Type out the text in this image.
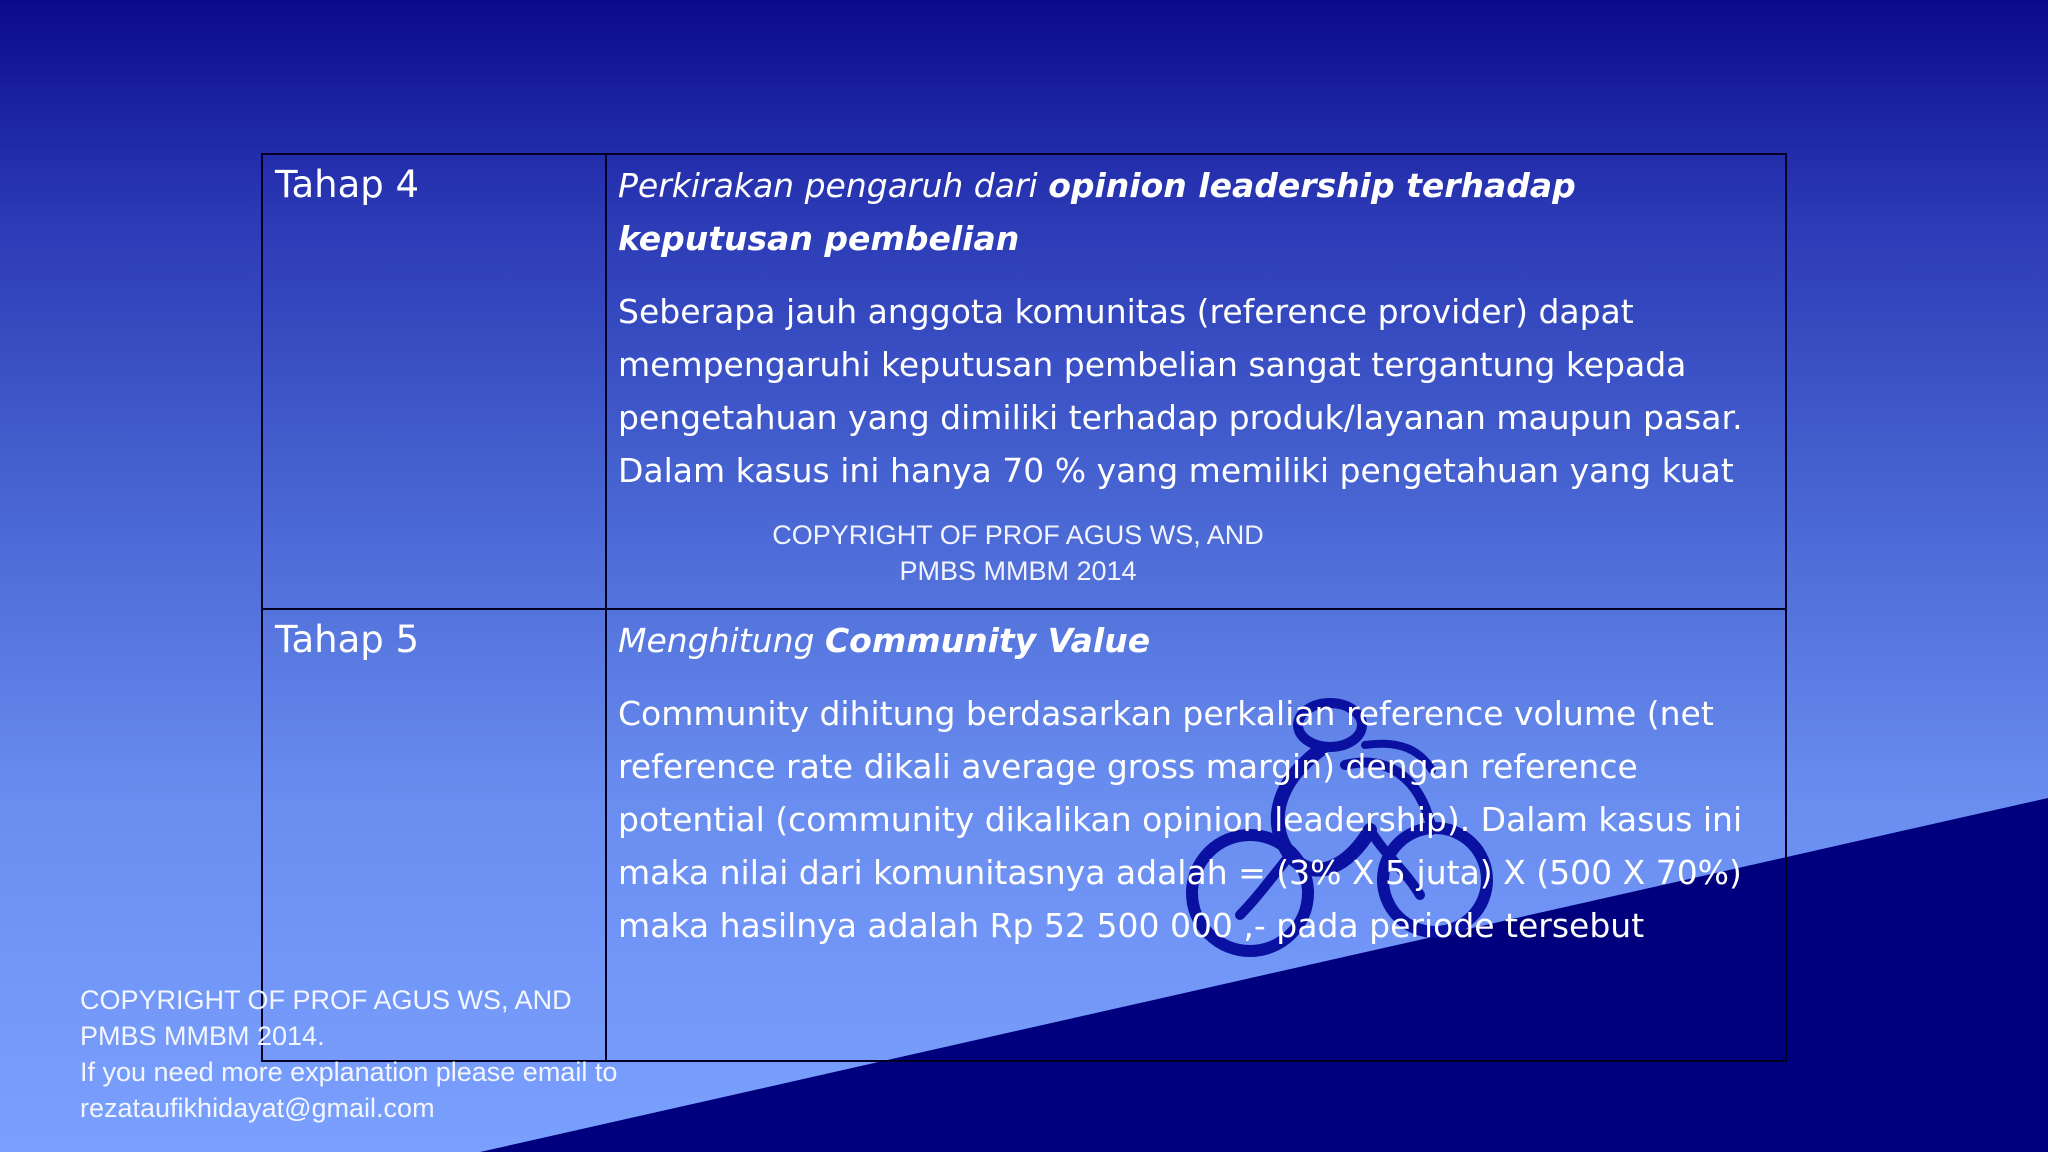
Tahap 4	Perkirakan pengaruh dari opinion leadership terhadap keputusan pembelian

Seberapa jauh anggota komunitas (reference provider) dapat mempengaruhi keputusan pembelian sangat tergantung kepada pengetahuan yang dimiliki terhadap produk/layanan maupun pasar. Dalam kasus ini hanya 70 % yang memiliki pengetahuan yang kuat

COPYRIGHT OF PROF AGUS WS, AND
PMBS MMBM 2014

Tahap 5	Menghitung Community Value

Community dihitung berdasarkan perkalian reference volume (net reference rate dikali average gross margin) dengan reference potential (community dikalikan opinion leadership). Dalam kasus ini maka nilai dari komunitasnya adalah = (3% X 5 juta) X (500 X 70%) maka hasilnya adalah Rp 52 500 000 ,- pada periode tersebut

COPYRIGHT OF PROF AGUS WS, AND
PMBS MMBM 2014.
If you need more explanation please email to
rezataufikhidayat@gmail.com
